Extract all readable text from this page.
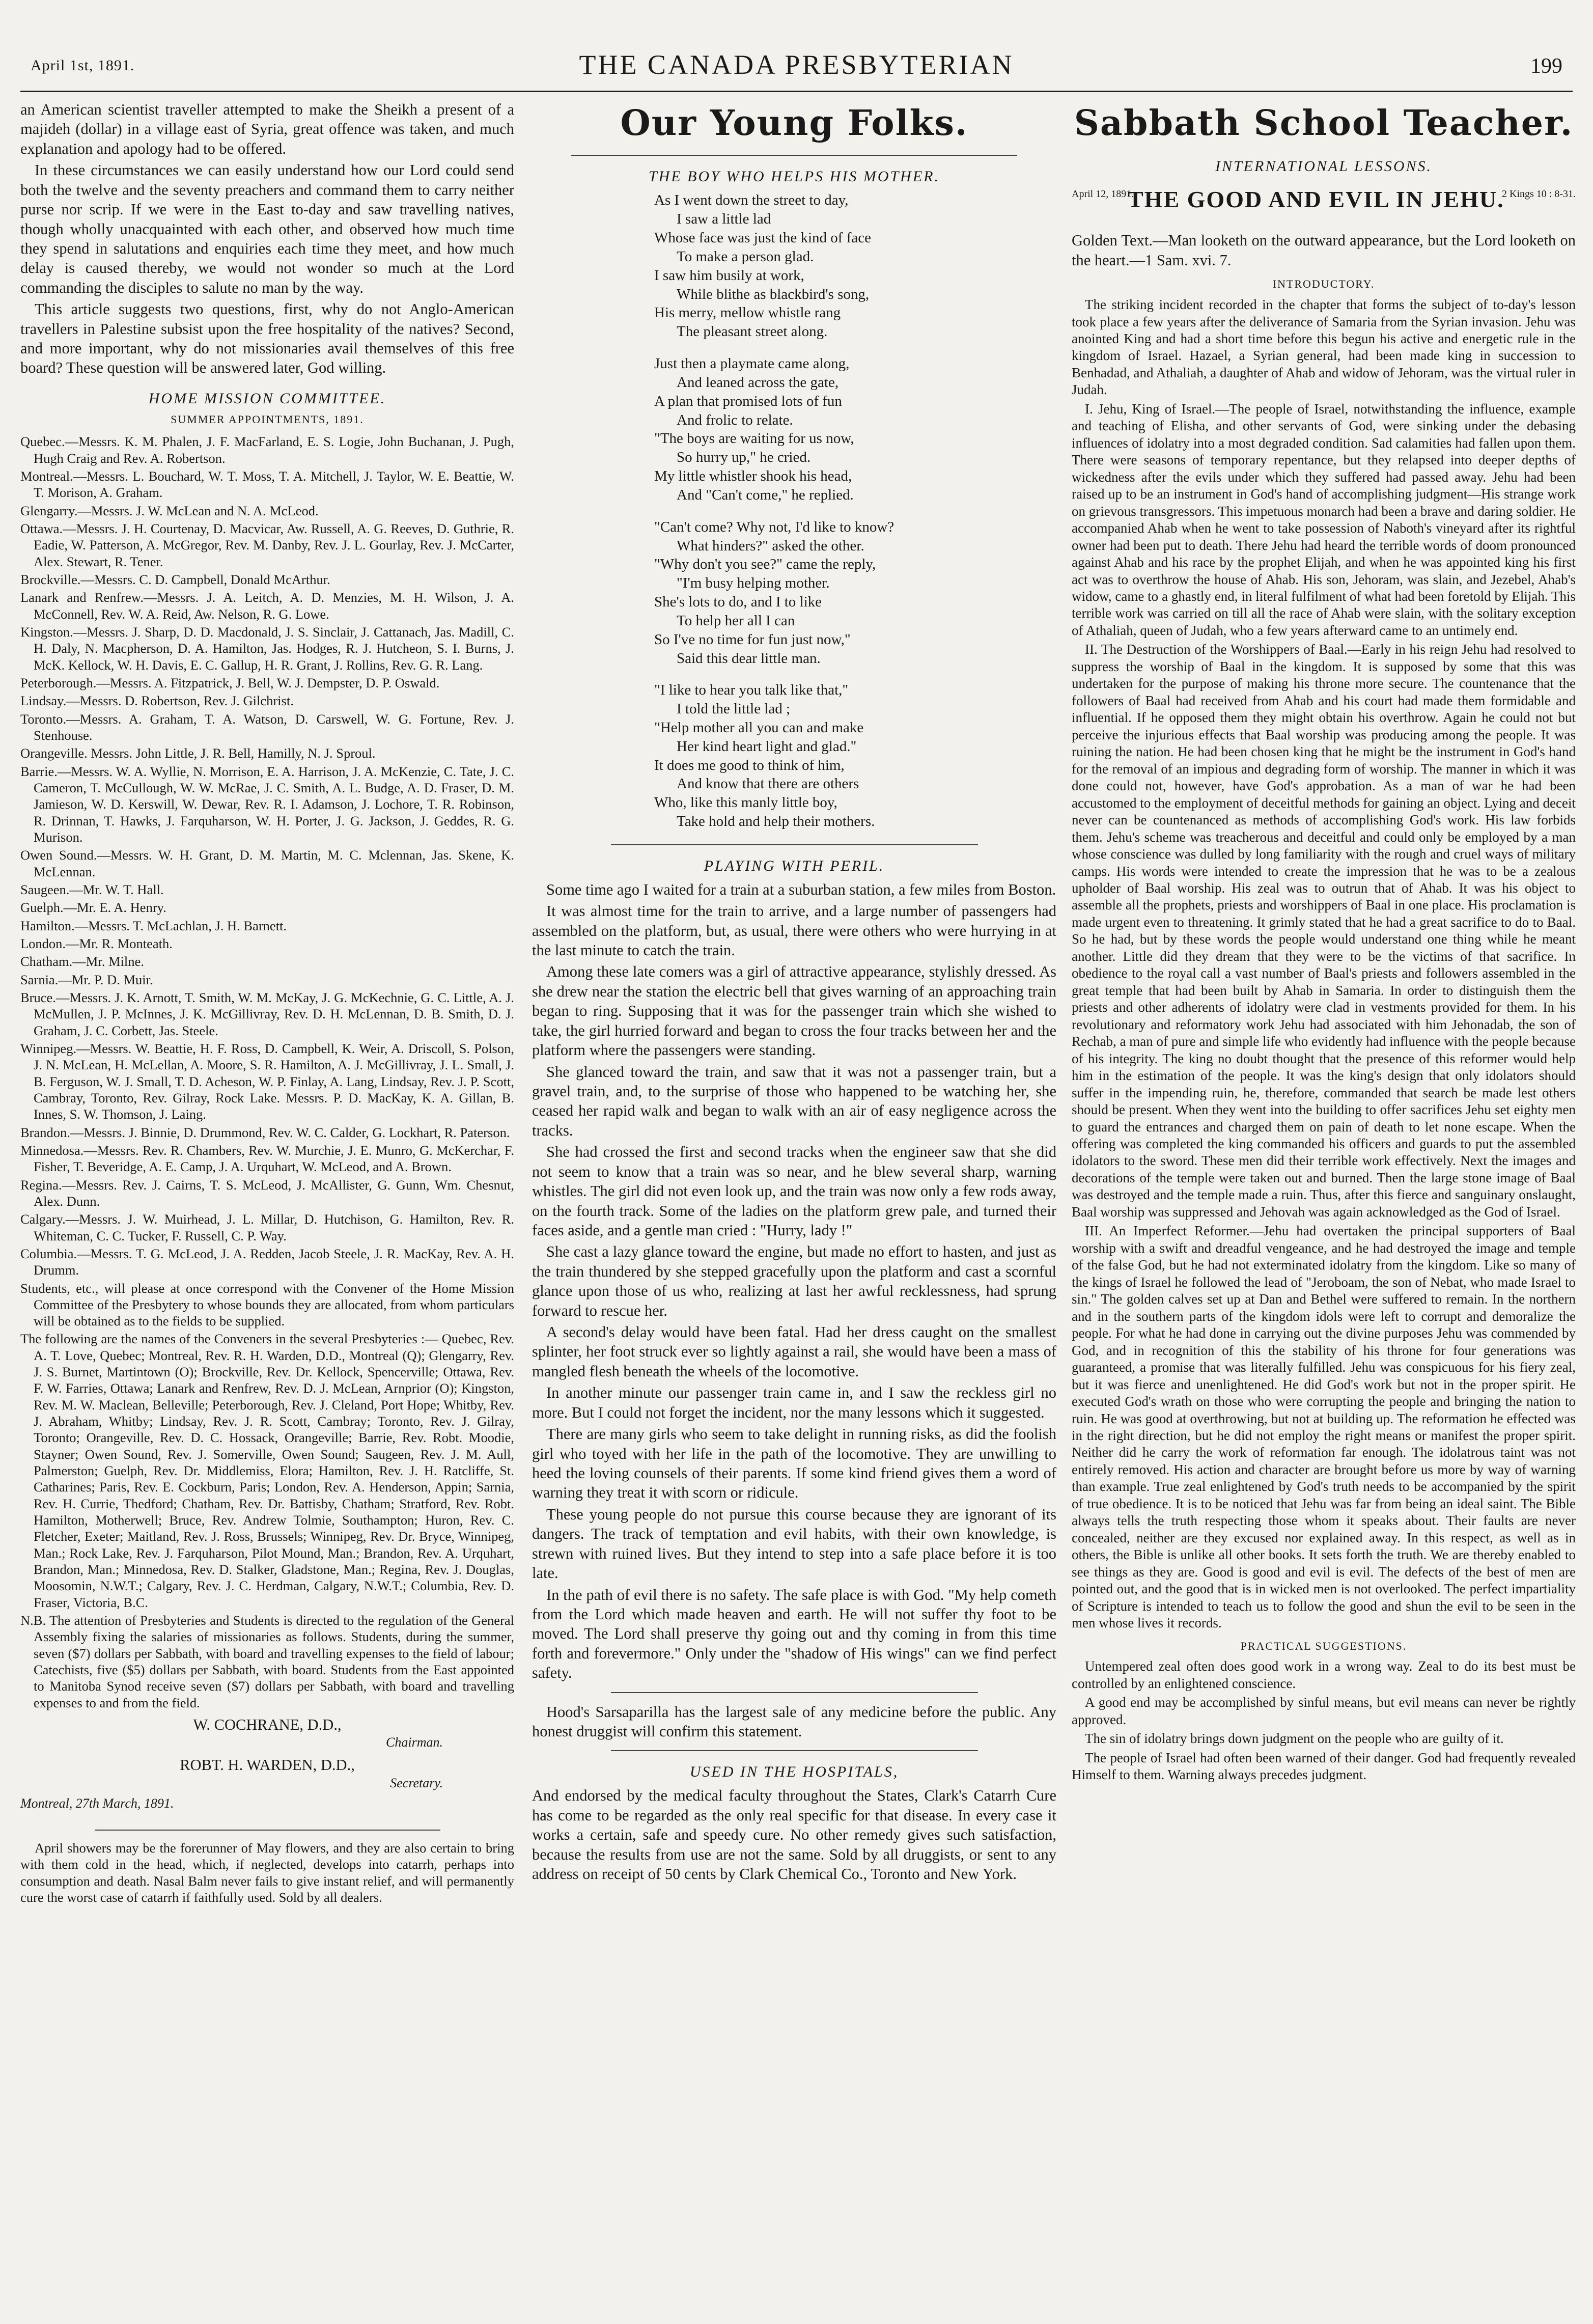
April 1st, 1891.	THE CANADA PRESBYTERIAN	199

an American scientist traveller attempted to make the Sheikh a present of a majideh (dollar) in a village east of Syria, great offence was taken, and much explanation and apology had to be offered.

In these circumstances we can easily understand how our Lord could send both the twelve and the seventy preachers and command them to carry neither purse nor scrip. If we were in the East to-day and saw travelling natives, though wholly unacquainted with each other, and observed how much time they spend in salutations and enquiries each time they meet, and how much delay is caused thereby, we would not wonder so much at the Lord commanding the disciples to salute no man by the way.

This article suggests two questions, first, why do not Anglo-American travellers in Palestine subsist upon the free hospitality of the natives? Second, and more important, why do not missionaries avail themselves of this free board? These question will be answered later, God willing.

HOME MISSION COMMITTEE.
SUMMER APPOINTMENTS, 1891.

Quebec.—Messrs. K. M. Phalen, J. F. MacFarland, E. S. Logie, John Buchanan, J. Pugh, Hugh Craig and Rev. A. Robertson.

Montreal.—Messrs. L. Bouchard, W. T. Moss, T. A. Mitchell, J. Taylor, W. E. Beattie, W. T. Morison, A. Graham.

Glengarry.—Messrs. J. W. McLean and N. A. McLeod.

Ottawa.—Messrs. J. H. Courtenay, D. Macvicar, Aw. Russell, A. G. Reeves, D. Guthrie, R. Eadie, W. Patterson, A. McGregor, Rev. M. Danby, Rev. J. L. Gourlay, Rev. J. McCarter, Alex. Stewart, R. Tener.

Brockville.—Messrs. C. D. Campbell, Donald McArthur.

Lanark and Renfrew.—Messrs. J. A. Leitch, A. D. Menzies, M. H. Wilson, J. A. McConnell, Rev. W. A. Reid, Aw. Nelson, R. G. Lowe.

Kingston.—Messrs. J. Sharp, D. D. Macdonald, J. S. Sinclair, J. Cattanach, Jas. Madill, C. H. Daly, N. Macpherson, D. A. Hamilton, Jas. Hodges, R. J. Hutcheon, S. I. Burns, J. McK. Kellock, W. H. Davis, E. C. Gallup, H. R. Grant, J. Rollins, Rev. G. R. Lang.

Peterborough.—Messrs. A. Fitzpatrick, J. Bell, W. J. Dempster, D. P. Oswald.

Lindsay.—Messrs. D. Robertson, Rev. J. Gilchrist.

Toronto.—Messrs. A. Graham, T. A. Watson, D. Carswell, W. G. Fortune, Rev. J. Stenhouse.

Orangeville. Messrs. John Little, J. R. Bell, Hamilly, N. J. Sproul.

Barrie.—Messrs. W. A. Wyllie, N. Morrison, E. A. Harrison, J. A. McKenzie, C. Tate, J. C. Cameron, T. McCullough, W. W. McRae, J. C. Smith, A. L. Budge, A. D. Fraser, D. M. Jamieson, W. D. Kerswill, W. Dewar, Rev. R. I. Adamson, J. Lochore, T. R. Robinson, R. Drinnan, T. Hawks, J. Farquharson, W. H. Porter, J. G. Jackson, J. Geddes, R. G. Murison.

Owen Sound.—Messrs. W. H. Grant, D. M. Martin, M. C. Mclennan, Jas. Skene, K. McLennan.

Saugeen.—Mr. W. T. Hall.

Guelph.—Mr. E. A. Henry.

Hamilton.—Messrs. T. McLachlan, J. H. Barnett.

London.—Mr. R. Monteath.

Chatham.—Mr. Milne.

Sarnia.—Mr. P. D. Muir.

Bruce.—Messrs. J. K. Arnott, T. Smith, W. M. McKay, J. G. McKechnie, G. C. Little, A. J. McMullen, J. P. McInnes, J. K. McGillivray, Rev. D. H. McLennan, D. B. Smith, D. J. Graham, J. C. Corbett, Jas. Steele.

Winnipeg.—Messrs. W. Beattie, H. F. Ross, D. Campbell, K. Weir, A. Driscoll, S. Polson, J. N. McLean, H. McLellan, A. Moore, S. R. Hamilton, A. J. McGillivray, J. L. Small, J. B. Ferguson, W. J. Small, T. D. Acheson, W. P. Finlay, A. Lang, Lindsay, Rev. J. P. Scott, Cambray, Toronto, Rev. Gilray, Rock Lake. Messrs. P. D. MacKay, K. A. Gillan, B. Innes, S. W. Thomson, J. Laing.

Brandon.—Messrs. J. Binnie, D. Drummond, Rev. W. C. Calder, G. Lockhart, R. Paterson.

Minnedosa.—Messrs. Rev. R. Chambers, Rev. W. Murchie, J. E. Munro, G. McKerchar, F. Fisher, T. Beveridge, A. E. Camp, J. A. Urquhart, W. McLeod, and A. Brown.

Regina.—Messrs. Rev. J. Cairns, T. S. McLeod, J. McAllister, G. Gunn, Wm. Chesnut, Alex. Dunn.

Calgary.—Messrs. J. W. Muirhead, J. L. Millar, D. Hutchison, G. Hamilton, Rev. R. Whiteman, C. C. Tucker, F. Russell, C. P. Way.

Columbia.—Messrs. T. G. McLeod, J. A. Redden, Jacob Steele, J. R. MacKay, Rev. A. H. Drumm.

Students, etc., will please at once correspond with the Convener of the Home Mission Committee of the Presbytery to whose bounds they are allocated, from whom particulars will be obtained as to the fields to be supplied.

The following are the names of the Conveners in the several Presbyteries :— Quebec, Rev. A. T. Love, Quebec; Montreal, Rev. R. H. Warden, D.D., Montreal (Q); Glengarry, Rev. J. S. Burnet, Martintown (O); Brockville, Rev. Dr. Kellock, Spencerville; Ottawa, Rev. F. W. Farries, Ottawa; Lanark and Renfrew, Rev. D. J. McLean, Arnprior (O); Kingston, Rev. M. W. Maclean, Belleville; Peterborough, Rev. J. Cleland, Port Hope; Whitby, Rev. J. Abraham, Whitby; Lindsay, Rev. J. R. Scott, Cambray; Toronto, Rev. J. Gilray, Toronto; Orangeville, Rev. D. C. Hossack, Orangeville; Barrie, Rev. Robt. Moodie, Stayner; Owen Sound, Rev. J. Somerville, Owen Sound; Saugeen, Rev. J. M. Aull, Palmerston; Guelph, Rev. Dr. Middlemiss, Elora; Hamilton, Rev. J. H. Ratcliffe, St. Catharines; Paris, Rev. E. Cockburn, Paris; London, Rev. A. Henderson, Appin; Sarnia, Rev. H. Currie, Thedford; Chatham, Rev. Dr. Battisby, Chatham; Stratford, Rev. Robt. Hamilton, Motherwell; Bruce, Rev. Andrew Tolmie, Southampton; Huron, Rev. C. Fletcher, Exeter; Maitland, Rev. J. Ross, Brussels; Winnipeg, Rev. Dr. Bryce, Winnipeg, Man.; Rock Lake, Rev. J. Farquharson, Pilot Mound, Man.; Brandon, Rev. A. Urquhart, Brandon, Man.; Minnedosa, Rev. D. Stalker, Gladstone, Man.; Regina, Rev. J. Douglas, Moosomin, N.W.T.; Calgary, Rev. J. C. Herdman, Calgary, N.W.T.; Columbia, Rev. D. Fraser, Victoria, B.C.

N.B. The attention of Presbyteries and Students is directed to the regulation of the General Assembly fixing the salaries of missionaries as follows. Students, during the summer, seven ($7) dollars per Sabbath, with board and travelling expenses to the field of labour; Catechists, five ($5) dollars per Sabbath, with board. Students from the East appointed to Manitoba Synod receive seven ($7) dollars per Sabbath, with board and travelling expenses to and from the field.

W. COCHRANE, D.D.,
Chairman.
ROBT. H. WARDEN, D.D.,
Secretary.

Montreal, 27th March, 1891.

April showers may be the forerunner of May flowers, and they are also certain to bring with them cold in the head, which, if neglected, develops into catarrh, perhaps into consumption and death. Nasal Balm never fails to give instant relief, and will permanently cure the worst case of catarrh if faithfully used. Sold by all dealers.

Our Young Folks.
THE BOY WHO HELPS HIS MOTHER.
As I went down the street to day,
I saw a little lad
Whose face was just the kind of face
To make a person glad.
I saw him busily at work,
While blithe as blackbird's song,
His merry, mellow whistle rang
The pleasant street along.
Just then a playmate came along,
And leaned across the gate,
A plan that promised lots of fun
And frolic to relate.
"The boys are waiting for us now,
So hurry up," he cried.
My little whistler shook his head,
And "Can't come," he replied.
"Can't come? Why not, I'd like to know?
What hinders?" asked the other.
"Why don't you see?" came the reply,
"I'm busy helping mother.
She's lots to do, and I to like
To help her all I can
So I've no time for fun just now,"
Said this dear little man.
"I like to hear you talk like that,"
I told the little lad ;
"Help mother all you can and make
Her kind heart light and glad."
It does me good to think of him,
And know that there are others
Who, like this manly little boy,
Take hold and help their mothers.
PLAYING WITH PERIL.

Some time ago I waited for a train at a suburban station, a few miles from Boston.

It was almost time for the train to arrive, and a large number of passengers had assembled on the platform, but, as usual, there were others who were hurrying in at the last minute to catch the train.

Among these late comers was a girl of attractive appearance, stylishly dressed. As she drew near the station the electric bell that gives warning of an approaching train began to ring. Supposing that it was for the passenger train which she wished to take, the girl hurried forward and began to cross the four tracks between her and the platform where the passengers were standing.

She glanced toward the train, and saw that it was not a passenger train, but a gravel train, and, to the surprise of those who happened to be watching her, she ceased her rapid walk and began to walk with an air of easy negligence across the tracks.

She had crossed the first and second tracks when the engineer saw that she did not seem to know that a train was so near, and he blew several sharp, warning whistles. The girl did not even look up, and the train was now only a few rods away, on the fourth track. Some of the ladies on the platform grew pale, and turned their faces aside, and a gentle man cried : "Hurry, lady !"

She cast a lazy glance toward the engine, but made no effort to hasten, and just as the train thundered by she stepped gracefully upon the platform and cast a scornful glance upon those of us who, realizing at last her awful recklessness, had sprung forward to rescue her.

A second's delay would have been fatal. Had her dress caught on the smallest splinter, her foot struck ever so lightly against a rail, she would have been a mass of mangled flesh beneath the wheels of the locomotive.

In another minute our passenger train came in, and I saw the reckless girl no more. But I could not forget the incident, nor the many lessons which it suggested.

There are many girls who seem to take delight in running risks, as did the foolish girl who toyed with her life in the path of the locomotive. They are unwilling to heed the loving counsels of their parents. If some kind friend gives them a word of warning they treat it with scorn or ridicule.

These young people do not pursue this course because they are ignorant of its dangers. The track of temptation and evil habits, with their own knowledge, is strewn with ruined lives. But they intend to step into a safe place before it is too late.

In the path of evil there is no safety. The safe place is with God. "My help cometh from the Lord which made heaven and earth. He will not suffer thy foot to be moved. The Lord shall preserve thy going out and thy coming in from this time forth and forevermore." Only under the "shadow of His wings" can we find perfect safety.

Hood's Sarsaparilla has the largest sale of any medicine before the public. Any honest druggist will confirm this statement.

USED IN THE HOSPITALS,

And endorsed by the medical faculty throughout the States, Clark's Catarrh Cure has come to be regarded as the only real specific for that disease. In every case it works a certain, safe and speedy cure. No other remedy gives such satisfaction, because the results from use are not the same. Sold by all druggists, or sent to any address on receipt of 50 cents by Clark Chemical Co., Toronto and New York.

Sabbath School Teacher.
INTERNATIONAL LESSONS.
April 12, 1891.
THE GOOD AND EVIL IN JEHU.
2 Kings 10 : 8-31.

Golden Text.—Man looketh on the outward appearance, but the Lord looketh on the heart.—1 Sam. xvi. 7.

INTRODUCTORY.

The striking incident recorded in the chapter that forms the subject of to-day's lesson took place a few years after the deliverance of Samaria from the Syrian invasion. Jehu was anointed King and had a short time before this begun his active and energetic rule in the kingdom of Israel. Hazael, a Syrian general, had been made king in succession to Benhadad, and Athaliah, a daughter of Ahab and widow of Jehoram, was the virtual ruler in Judah.

I. Jehu, King of Israel.—The people of Israel, notwithstanding the influence, example and teaching of Elisha, and other servants of God, were sinking under the debasing influences of idolatry into a most degraded condition. Sad calamities had fallen upon them. There were seasons of temporary repentance, but they relapsed into deeper depths of wickedness after the evils under which they suffered had passed away. Jehu had been raised up to be an instrument in God's hand of accomplishing judgment—His strange work on grievous transgressors. This impetuous monarch had been a brave and daring soldier. He accompanied Ahab when he went to take possession of Naboth's vineyard after its rightful owner had been put to death. There Jehu had heard the terrible words of doom pronounced against Ahab and his race by the prophet Elijah, and when he was appointed king his first act was to overthrow the house of Ahab. His son, Jehoram, was slain, and Jezebel, Ahab's widow, came to a ghastly end, in literal fulfilment of what had been foretold by Elijah. This terrible work was carried on till all the race of Ahab were slain, with the solitary exception of Athaliah, queen of Judah, who a few years afterward came to an untimely end.

II. The Destruction of the Worshippers of Baal.—Early in his reign Jehu had resolved to suppress the worship of Baal in the kingdom. It is supposed by some that this was undertaken for the purpose of making his throne more secure. The countenance that the followers of Baal had received from Ahab and his court had made them formidable and influential. If he opposed them they might obtain his overthrow. Again he could not but perceive the injurious effects that Baal worship was producing among the people. It was ruining the nation. He had been chosen king that he might be the instrument in God's hand for the removal of an impious and degrading form of worship. The manner in which it was done could not, however, have God's approbation. As a man of war he had been accustomed to the employment of deceitful methods for gaining an object. Lying and deceit never can be countenanced as methods of accomplishing God's work. His law forbids them. Jehu's scheme was treacherous and deceitful and could only be employed by a man whose conscience was dulled by long familiarity with the rough and cruel ways of military camps. His words were intended to create the impression that he was to be a zealous upholder of Baal worship. His zeal was to outrun that of Ahab. It was his object to assemble all the prophets, priests and worshippers of Baal in one place. His proclamation is made urgent even to threatening. It grimly stated that he had a great sacrifice to do to Baal. So he had, but by these words the people would understand one thing while he meant another. Little did they dream that they were to be the victims of that sacrifice. In obedience to the royal call a vast number of Baal's priests and followers assembled in the great temple that had been built by Ahab in Samaria. In order to distinguish them the priests and other adherents of idolatry were clad in vestments provided for them. In his revolutionary and reformatory work Jehu had associated with him Jehonadab, the son of Rechab, a man of pure and simple life who evidently had influence with the people because of his integrity. The king no doubt thought that the presence of this reformer would help him in the estimation of the people. It was the king's design that only idolators should suffer in the impending ruin, he, therefore, commanded that search be made lest others should be present. When they went into the building to offer sacrifices Jehu set eighty men to guard the entrances and charged them on pain of death to let none escape. When the offering was completed the king commanded his officers and guards to put the assembled idolators to the sword. These men did their terrible work effectively. Next the images and decorations of the temple were taken out and burned. Then the large stone image of Baal was destroyed and the temple made a ruin. Thus, after this fierce and sanguinary onslaught, Baal worship was suppressed and Jehovah was again acknowledged as the God of Israel.

III. An Imperfect Reformer.—Jehu had overtaken the principal supporters of Baal worship with a swift and dreadful vengeance, and he had destroyed the image and temple of the false God, but he had not exterminated idolatry from the kingdom. Like so many of the kings of Israel he followed the lead of "Jeroboam, the son of Nebat, who made Israel to sin." The golden calves set up at Dan and Bethel were suffered to remain. In the northern and in the southern parts of the kingdom idols were left to corrupt and demoralize the people. For what he had done in carrying out the divine purposes Jehu was commended by God, and in recognition of this the stability of his throne for four generations was guaranteed, a promise that was literally fulfilled. Jehu was conspicuous for his fiery zeal, but it was fierce and unenlightened. He did God's work but not in the proper spirit. He executed God's wrath on those who were corrupting the people and bringing the nation to ruin. He was good at overthrowing, but not at building up. The reformation he effected was in the right direction, but he did not employ the right means or manifest the proper spirit. Neither did he carry the work of reformation far enough. The idolatrous taint was not entirely removed. His action and character are brought before us more by way of warning than example. True zeal enlightened by God's truth needs to be accompanied by the spirit of true obedience. It is to be noticed that Jehu was far from being an ideal saint. The Bible always tells the truth respecting those whom it speaks about. Their faults are never concealed, neither are they excused nor explained away. In this respect, as well as in others, the Bible is unlike all other books. It sets forth the truth. We are thereby enabled to see things as they are. Good is good and evil is evil. The defects of the best of men are pointed out, and the good that is in wicked men is not overlooked. The perfect impartiality of Scripture is intended to teach us to follow the good and shun the evil to be seen in the men whose lives it records.

PRACTICAL SUGGESTIONS.

Untempered zeal often does good work in a wrong way. Zeal to do its best must be controlled by an enlightened conscience.

A good end may be accomplished by sinful means, but evil means can never be rightly approved.

The sin of idolatry brings down judgment on the people who are guilty of it.

The people of Israel had often been warned of their danger. God had frequently revealed Himself to them. Warning always precedes judgment.
